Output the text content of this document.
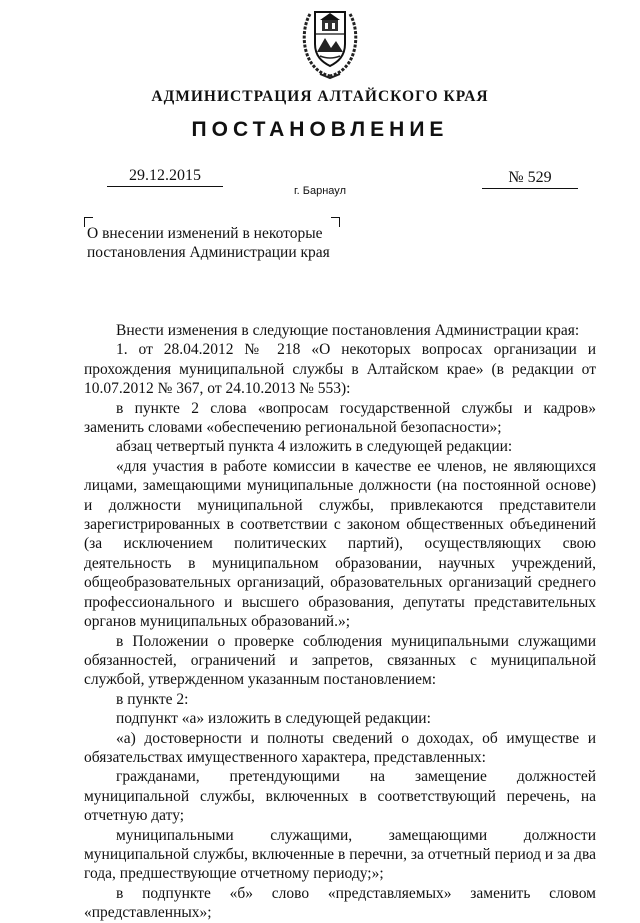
АДМИНИСТРАЦИЯ АЛТАЙСКОГО КРАЯ
ПОСТАНОВЛЕНИЕ
29.12.2015	№ 529
г. Барнаул
О внесении изменений в некоторые
постановления Администрации края

Внести изменения в следующие постановления Администрации края:

1. от 28.04.2012 № 218 «О некоторых вопросах организации и прохождения муниципальной службы в Алтайском крае» (в редакции от 10.07.2012 № 367, от 24.10.2013 № 553):

в пункте 2 слова «вопросам государственной службы и кадров» заменить словами «обеспечению региональной безопасности»;

абзац четвертый пункта 4 изложить в следующей редакции:

«для участия в работе комиссии в качестве ее членов, не являющихся лицами, замещающими муниципальные должности (на постоянной основе) и должности муниципальной службы, привлекаются представители зарегистрированных в соответствии с законом общественных объединений (за исключением политических партий), осуществляющих свою деятельность в муниципальном образовании, научных учреждений, общеобразовательных организаций, образовательных организаций среднего профессионального и высшего образования, депутаты представительных органов муниципальных образований.»;

в Положении о проверке соблюдения муниципальными служащими обязанностей, ограничений и запретов, связанных с муниципальной службой, утвержденном указанным постановлением:

в пункте 2:

подпункт «а» изложить в следующей редакции:

«а) достоверности и полноты сведений о доходах, об имуществе и обязательствах имущественного характера, представленных:

гражданами, претендующими на замещение должностей муниципальной службы, включенных в соответствующий перечень, на отчетную дату;

муниципальными служащими, замещающими должности муниципальной службы, включенные в перечни, за отчетный период и за два года, предшествующие отчетному периоду;»;

в подпункте «б» слово «представляемых» заменить словом «представленных»;
